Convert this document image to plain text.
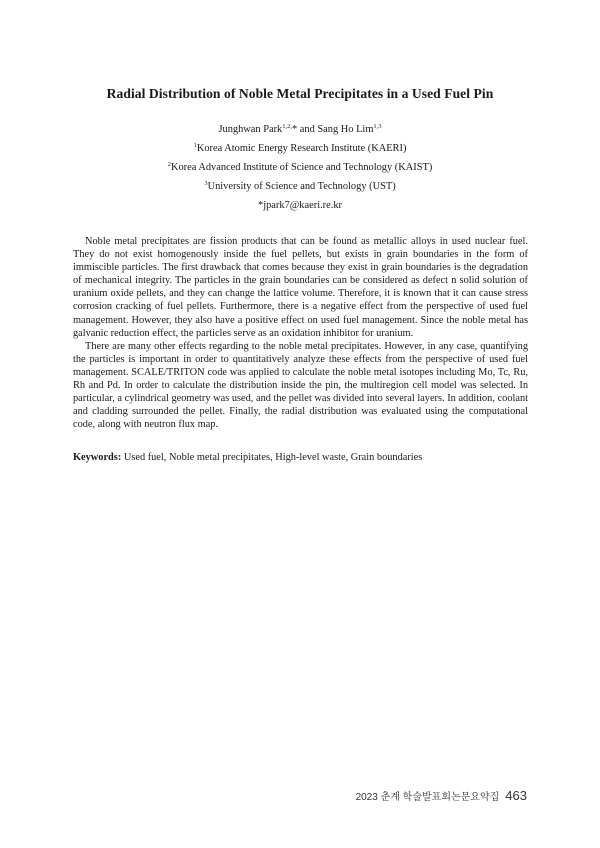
Radial Distribution of Noble Metal Precipitates in a Used Fuel Pin
Junghwan Park$^{1,2,}$* and Sang Ho Lim$^{1,3}$
$^1$Korea Atomic Energy Research Institute (KAERI)
$^2$Korea Advanced Institute of Science and Technology (KAIST)
$^3$University of Science and Technology (UST)
*jpark7@kaeri.re.kr

Noble metal precipitates are fission products that can be found as metallic alloys in used nuclear fuel. They do not exist homogenously inside the fuel pellets, but exists in grain boundaries in the form of immiscible particles. The first drawback that comes because they exist in grain boundaries is the degradation of mechanical integrity. The particles in the grain boundaries can be considered as defect n solid solution of uranium oxide pellets, and they can change the lattice volume. Therefore, it is known that it can cause stress corrosion cracking of fuel pellets. Furthermore, there is a negative effect from the perspective of used fuel management. However, they also have a positive effect on used fuel management. Since the noble metal has galvanic reduction effect, the particles serve as an oxidation inhibitor for uranium.

There are many other effects regarding to the noble metal precipitates. However, in any case, quantifying the particles is important in order to quantitatively analyze these effects from the perspective of used fuel management. SCALE/TRITON code was applied to calculate the noble metal isotopes including Mo, Tc, Ru, Rh and Pd. In order to calculate the distribution inside the pin, the multiregion cell model was selected. In particular, a cylindrical geometry was used, and the pellet was divided into several layers. In addition, coolant and cladding surrounded the pellet. Finally, the radial distribution was evaluated using the computational code, along with neutron flux map.

Keywords: Used fuel, Noble metal precipitates, High-level waste, Grain boundaries
2023 춘계 학술발표회논문요약집 463
